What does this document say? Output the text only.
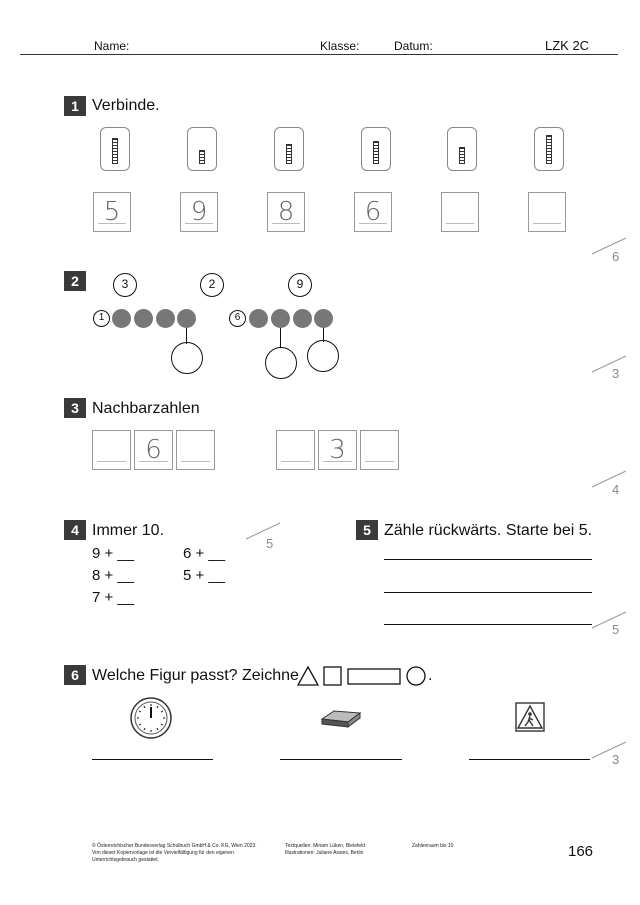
Name:	Klasse:	Datum:	LZK 2C
1 Verbinde.
5	9	8	6
2	3	2	9
1	6
3 Nachbarzahlen
6	3
4 Immer 10.
9 + __
8 + __
7 + __
6 + __
5 + __
5 Zähle rückwärts. Starte bei 5.
6 Welche Figur passt? Zeichne	.
6
3
4
5
5
3
© Österreichischer Bundesverlag Schulbuch GmbH & Co. KG, Wien 2023.
Von dieser Kopiervorlage ist die Vervielfältigung für den eigenen
Unterrichtsgebrauch gestattet.
Textquellen: Miriam Lüken, Bielefeld
Illustrationen: Juliane Assies, Berlin
Zahlenraum bis 10	166
